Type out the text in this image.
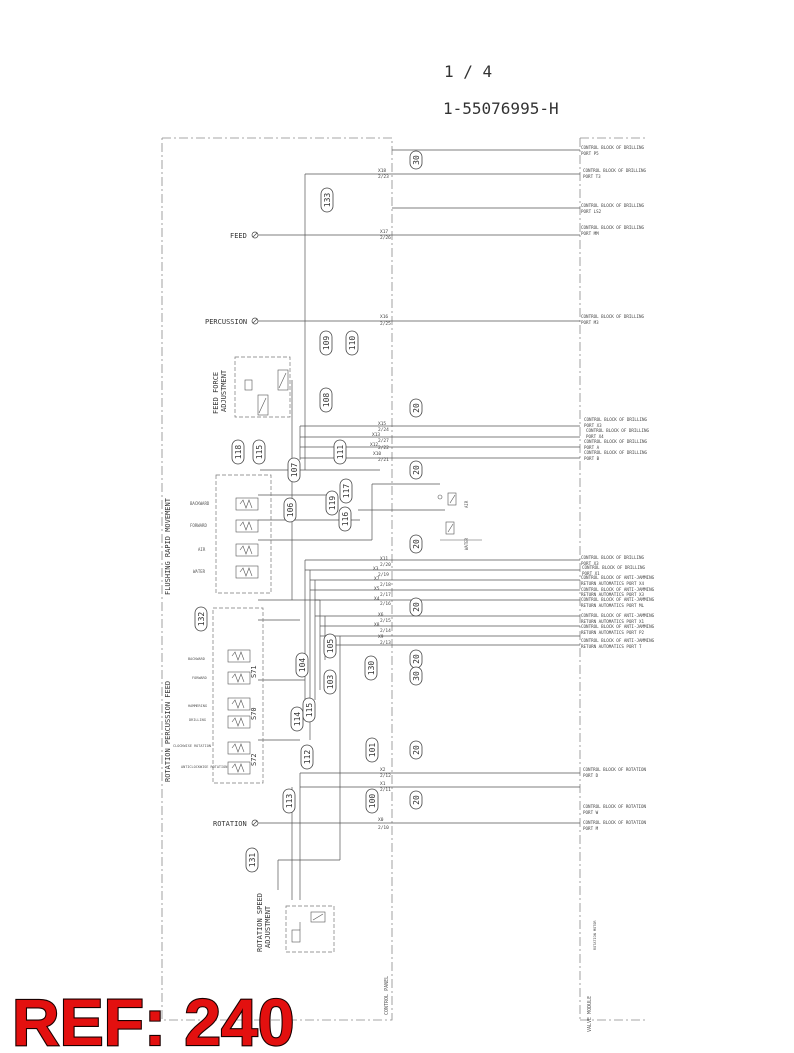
1 / 4
1-55076995-H
CONTROL PANEL	VALVE MODULE
ROTATION MOTOR
FEED
PERCUSSION
ROTATION
FEED FORCE ADJUSTMENT
FLUSHING RAPID MOVEMENT	BACKWARD
FORWARD
AIR
WATER
ROTATION PERCUSSION FEED
BACKWARD
FORWARD
HAMMERING
DRILLING
CLOCKWISE ROTATION
ANTICLOCKWISE ROTATION
S71
S70
S72
ROTATION SPEED ADJUSTMENT
AIR
WATER
X18
2/23
X17
2/26
X16
2/25
X15
2/24
X13
2/27
X12
2/22
X10
2/21
X11
2/20
X3
2/19
X7
2/18
X5
2/17
X4
2/16
X6
2/15
X8
2/14
X9
2/13
X2
2/12
X1
2/11
X0
2/10
CONTROL BLOCK OF DRILLING
PORT P5
CONTROL BLOCK OF DRILLING
PORT T3
CONTROL BLOCK OF DRILLING
PORT LS2
CONTROL BLOCK OF DRILLING
PORT MM
CONTROL BLOCK OF DRILLING
PORT M3
CONTROL BLOCK OF DRILLING
PORT X3
CONTROL BLOCK OF DRILLING
PORT X4
CONTROL BLOCK OF DRILLING
PORT A
CONTROL BLOCK OF DRILLING
PORT B
CONTROL BLOCK OF DRILLING
PORT X3
CONTROL BLOCK OF DRILLING
PORT X1
CONTROL BLOCK OF ANTI-JAMMING
RETURN AUTOMATICS PORT X4
CONTROL BLOCK OF ANTI-JAMMING
RETURN AUTOMATICS PORT X3
CONTROL BLOCK OF ANTI-JAMMING
RETURN AUTOMATICS PORT ML
CONTROL BLOCK OF ANTI-JAMMING
RETURN AUTOMATICS PORT X1
CONTROL BLOCK OF ANTI-JAMMING
RETURN AUTOMATICS PORT P2
CONTROL BLOCK OF ANTI-JAMMING
RETURN AUTOMATICS PORT T
CONTROL BLOCK OF ROTATION
PORT D
CONTROL BLOCK OF ROTATION
PORT W
CONTROL BLOCK OF ROTATION
PORT M
30
133
109 110
108
20
111
20
118 115
107
106	119
117
116
20
20
132
104
105
103
130
20
30
114
115
112	101	20
20
113	100
131
REF: 240
